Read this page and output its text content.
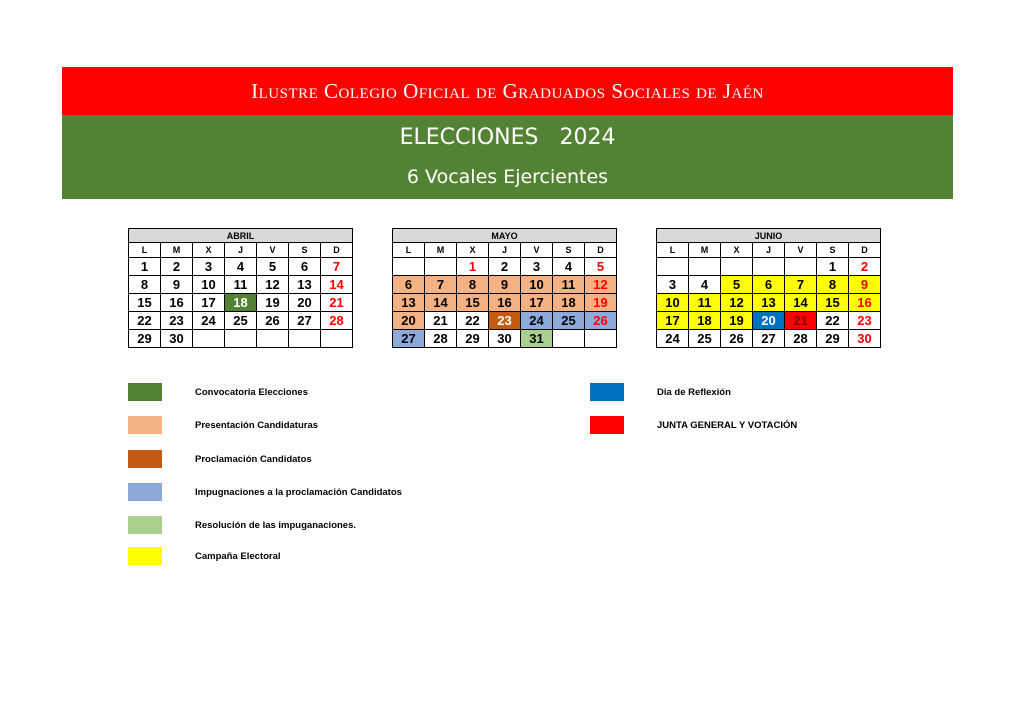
Ilustre Colegio Oficial de Graduados Sociales de Jaén
ELECCIONES   2024
6 Vocales Ejercientes
ABRIL						
L	M	X	J	V	S	D
1	2	3	4	5	6	7
8	9	10	11	12	13	14
15	16	17	18	19	20	21
22	23	24	25	26	27	28
29	30					
MAYO						
L	M	X	J	V	S	D
		1	2	3	4	5
6	7	8	9	10	11	12
13	14	15	16	17	18	19
20	21	22	23	24	25	26
27	28	29	30	31		
JUNIO						
L	M	X	J	V	S	D
					1	2
3	4	5	6	7	8	9
10	11	12	13	14	15	16
17	18	19	20	21	22	23
24	25	26	27	28	29	30
Convocatoria Elecciones
Presentación Candidaturas
Proclamación Candidatos
Impugnaciones a la proclamación Candidatos
Resolución de las impuganaciones.
Campaña Electoral
Dia de Reflexión
JUNTA GENERAL Y VOTACIÓN
